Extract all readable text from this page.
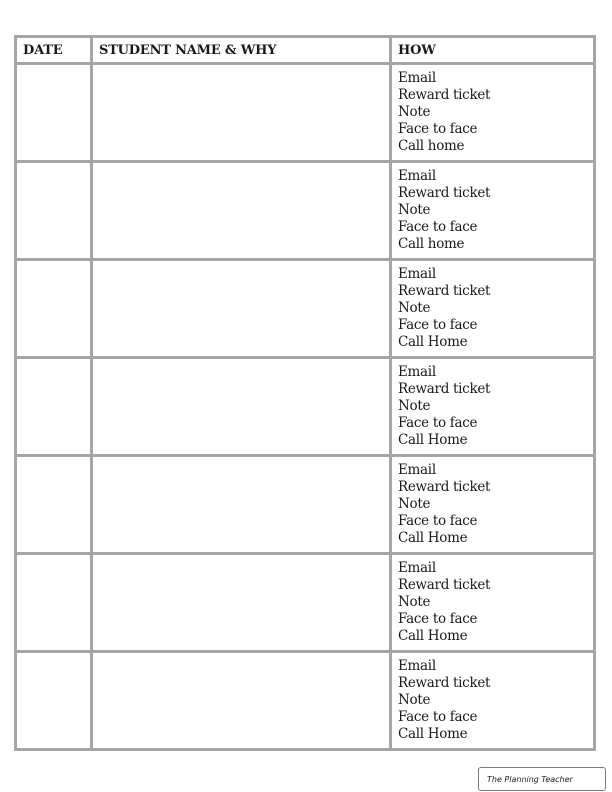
DATE	STUDENT NAME & WHY	HOW

		Email
Reward ticket
Note
Face to face
Call home

		Email
Reward ticket
Note
Face to face
Call home

		Email
Reward ticket
Note
Face to face
Call Home

		Email
Reward ticket
Note
Face to face
Call Home

		Email
Reward ticket
Note
Face to face
Call Home

		Email
Reward ticket
Note
Face to face
Call Home

		Email
Reward ticket
Note
Face to face
Call Home
The Planning Teacher
